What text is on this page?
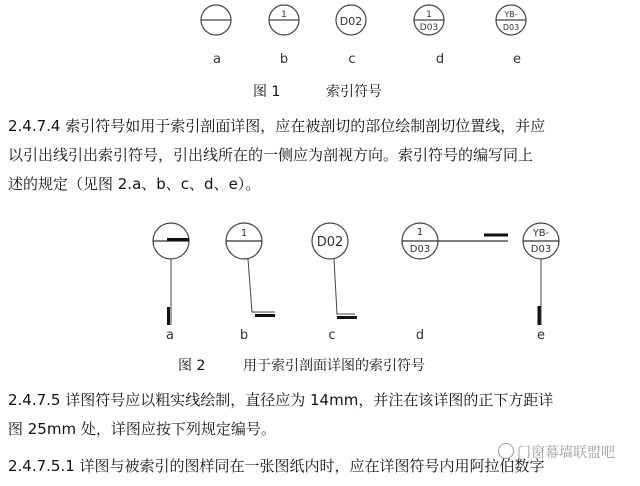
1	D02	1
D03
YB-
D03
a	b	c	d	e
1
D02
1
D03
YB-
D03
a	b	c	d	e
图 1	索引符号
2.4.7.4 索引符号如用于索引剖面详图，应在被剖切的部位绘制剖切位置线，并应
以引出线引出索引符号，引出线所在的一侧应为剖视方向。索引符号的编写同上
述的规定（见图 2.a、b、c、d、e）。
图 2	用于索引剖面详图的索引符号
2.4.7.5 详图符号应以粗实线绘制，直径应为 14mm，并注在该详图的正下方距详
图 25mm 处，详图应按下列规定编号。
2.4.7.5.1 详图与被索引的图样同在一张图纸内时，应在详图符号内用阿拉伯数字
门窗幕墙联盟吧
